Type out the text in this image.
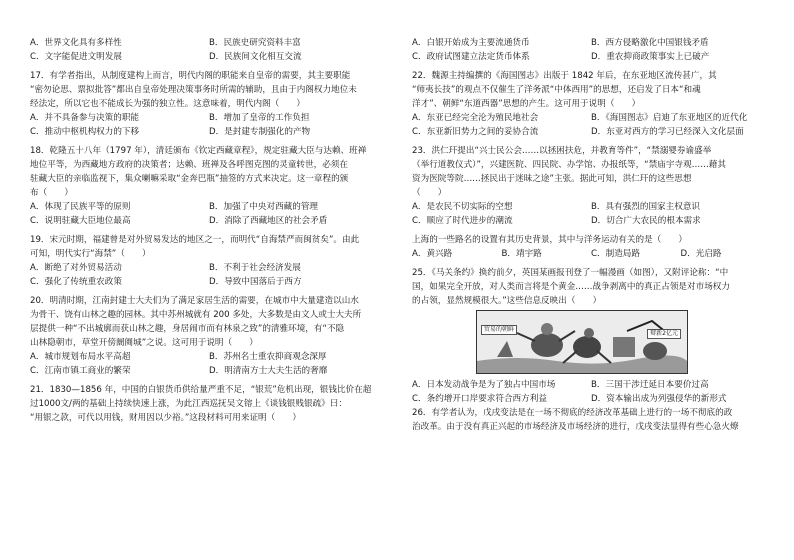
A．世界文化具有多样性	B．民族史研究资料丰富
C．文字能促进文明发展	D．民族间文化相互交流
17．有学者指出，从制度建构上而言，明代内阁的职能来自皇帝的需要，其主要职能
“密勿论思、票拟批答”都出自皇帝处理决策事务时所需的辅助，且由于内阁权力地位未
经法定，所以它也不能成长为强的独立性。这意味着，明代内阁（　　）
A．并不具备参与决策的职能	B．增加了皇帝的工作负担
C．推动中枢机构权力的下移	D．是封建专制强化的产物
18．乾隆五十八年（1797 年），清廷颁布《钦定西藏章程》，规定驻藏大臣与达赖、班禅
地位平等，为西藏地方政府的决策者；达赖、班禅及各呼图克图的灵童转世，必须在
驻藏大臣的亲临监视下，集众喇嘛采取“金奔巴瓶”抽签的方式来决定。这一章程的颁
布（　　）
A．体现了民族平等的原则	B．加强了中央对西藏的管理
C．说明驻藏大臣地位最高	D．消除了西藏地区的社会矛盾
19．宋元时期，福建曾是对外贸易发达的地区之一，而明代“自海禁严而闽贫矣”。由此
可知，明代实行“海禁”（　　）
A．断绝了对外贸易活动	B．不利于社会经济发展
C．强化了传统重农政策	D．导致中国落后于西方
20．明清时期，江南封建士大夫们为了满足家居生活的需要，在城市中大量建造以山水
为骨干、饶有山林之趣的园林。其中苏州城就有 200 多处，大多数是由文人或士大夫所
层提供一种“不出城廓而获山林之趣，身居闹市而有林泉之致”的清雅环境，有“不隐
山林隐朝市，草堂开傍阛阓城”之说。这可用于说明（　　）
A．城市规划布局水平高超	B．苏州名士重农抑商观念深厚
C．江南市镇工商业的繁荣	D．明清南方士大夫生活的奢靡
21．1830—1856 年，中国的白银货币供给量严重不足，“银荒”危机出现，银钱比价在超
过1000文/两的基础上持续快速上涨，为此江西巡抚吴文镕上《谈钱银贱银疏》曰：
“用银之款，可代以用钱，财用因以少裕。”这段材料可用来证明（　　）
A．白银开始成为主要流通货币	B．西方侵略激化中国银钱矛盾
C．政府试图建立法定货币体系	D．重农抑商政策事实上已破产
22．魏源主持编撰的《海国图志》出版于 1842 年后，在东亚地区流传甚广，其
“师夷长技”的观点不仅催生了洋务派“中体西用”的思想，还启发了日本“和魂
洋才”、朝鲜“东道西器”思想的产生。这可用于说明（　　）
A．东亚已经完全沦为殖民地社会	B．《海国图志》启迪了东亚地区的近代化
C．东亚新旧势力之间的妥协合流	D．东亚对西方的学习已经深入文化层面
23．洪仁玕提出“兴士民公会……以拯困扶危，并教育等件”，“禁溺婴券谕盛举
（举行道教仪式）”，兴建医院、四民院、办学馆、办报纸等，“禁庙宇寺观……藉其
资为医院等院……拯民出于迷昧之途”主张。据此可知，洪仁玕的这些思想
（　　）
A．是农民不切实际的空想	B．具有强烈的国家主权意识
C．顺应了时代进步的潮流	D．切合广大农民的根本需求
上海的一些路名的设置有其历史背景，其中与洋务运动有关的是（　　）
A．黄兴路	B．靖宇路	C．制造局路	D．光启路
25．《马关条约》换约前夕，英国某画报刊登了一幅漫画（如图），又附评论称：“中
国，如果完全开放，对人类而言将是个黄金……战争剥离中的真正占领是对市场权力
的占领，显然规模很大。”这些信息反映出（　　）
贸易的朝鲜
辩新2亿元
A．日本发动战争是为了独占中国市场	B．三国干涉迁延日本要价过高
C．条约增开口岸要求符合西方利益	D．资本输出成为列强侵华的新形式
26．有学者认为，戊戌变法是在一场不彻底的经济改革基础上进行的一场不彻底的政
治改革。由于没有真正兴起的市场经济及市场经济的进行，戊戌变法显得有些心急火燎
